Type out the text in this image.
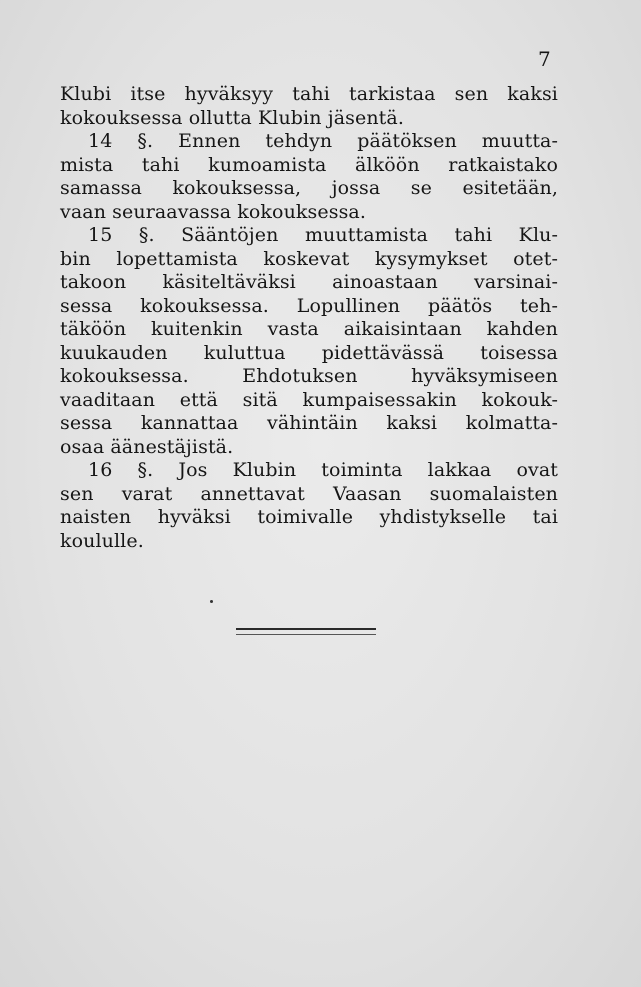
7
Klubi itse hyväksyy tahi tarkistaa sen kaksi
kokouksessa ollutta Klubin jäsentä.
14 §. Ennen tehdyn päätöksen muutta-
mista tahi kumoamista älköön ratkaistako
samassa kokouksessa, jossa se esitetään,
vaan seuraavassa kokouksessa.
15 §. Sääntöjen muuttamista tahi Klu-
bin lopettamista koskevat kysymykset otet-
takoon käsiteltäväksi ainoastaan varsinai-
sessa kokouksessa. Lopullinen päätös teh-
täköön kuitenkin vasta aikaisintaan kahden
kuukauden kuluttua pidettävässä toisessa
kokouksessa. Ehdotuksen hyväksymiseen
vaaditaan että sitä kumpaisessakin kokouk-
sessa kannattaa vähintäin kaksi kolmatta-
osaa äänestäjistä.
16 §. Jos Klubin toiminta lakkaa ovat
sen varat annettavat Vaasan suomalaisten
naisten hyväksi toimivalle yhdistykselle tai
koululle.
